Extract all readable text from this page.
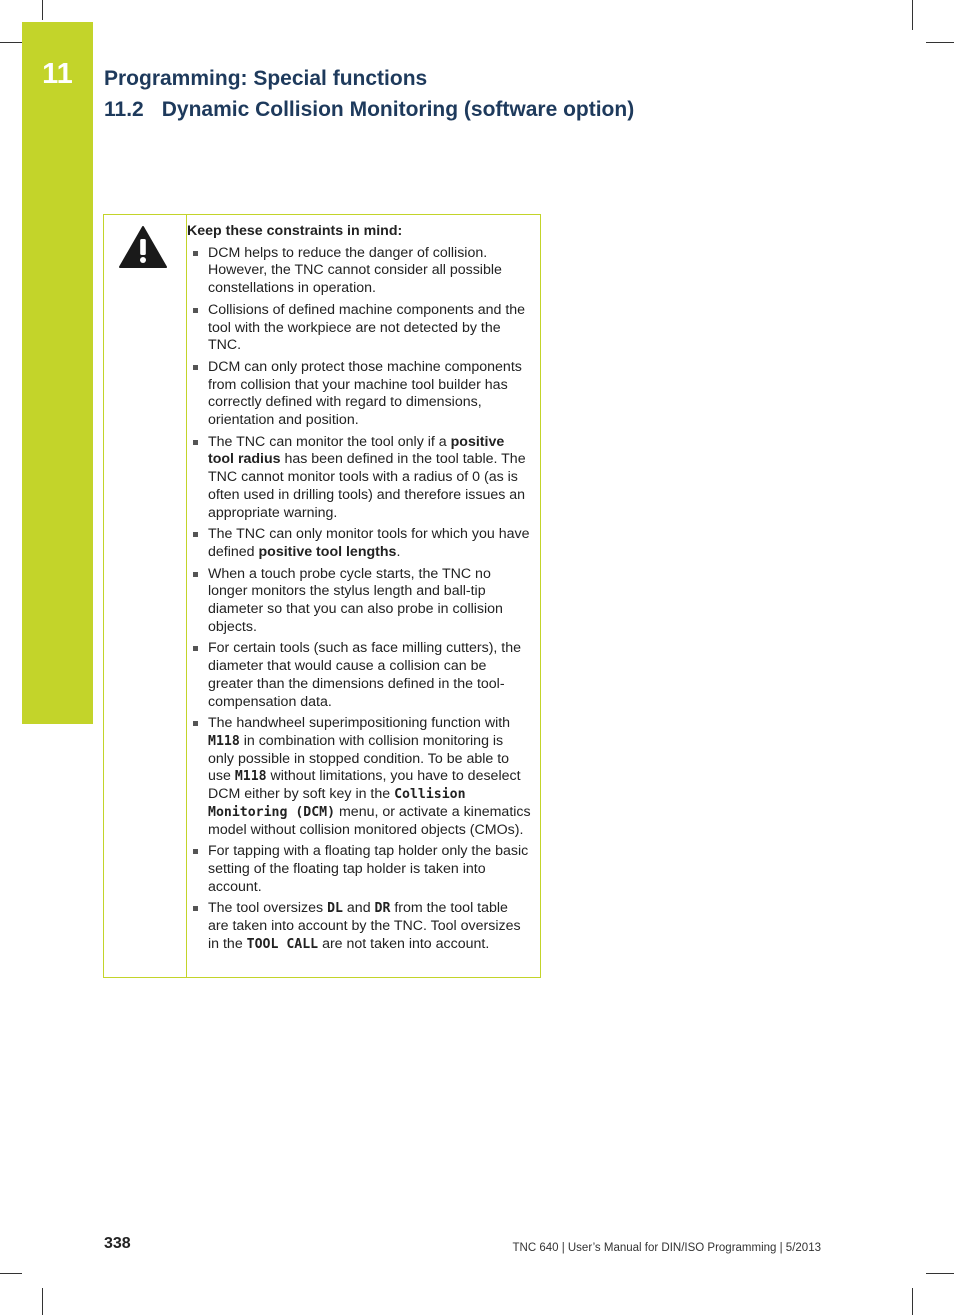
11	Programming: Special functions
11.2 Dynamic Collision Monitoring (software option)
Keep these constraints in mind:
DCM helps to reduce the danger of collision. However, the TNC cannot consider all possible constellations in operation.
Collisions of defined machine components and the tool with the workpiece are not detected by the TNC.
DCM can only protect those machine components from collision that your machine tool builder has correctly defined with regard to dimensions, orientation and position.
The TNC can monitor the tool only if a positive tool radius has been defined in the tool table. The TNC cannot monitor tools with a radius of 0 (as is often used in drilling tools) and therefore issues an appropriate warning.
The TNC can only monitor tools for which you have defined positive tool lengths.
When a touch probe cycle starts, the TNC no longer monitors the stylus length and ball-tip diameter so that you can also probe in collision objects.
For certain tools (such as face milling cutters), the diameter that would cause a collision can be greater than the dimensions defined in the tool-compensation data.
The handwheel superimpositioning function with M118 in combination with collision monitoring is only possible in stopped condition. To be able to use M118 without limitations, you have to deselect DCM either by soft key in the Collision Monitoring (DCM) menu, or activate a kinematics model without collision monitored objects (CMOs).
For tapping with a floating tap holder only the basic setting of the floating tap holder is taken into account.
The tool oversizes DL and DR from the tool table are taken into account by the TNC. Tool oversizes in the TOOL CALL are not taken into account.
338	TNC 640 | User’s Manual for DIN/ISO Programming | 5/2013
